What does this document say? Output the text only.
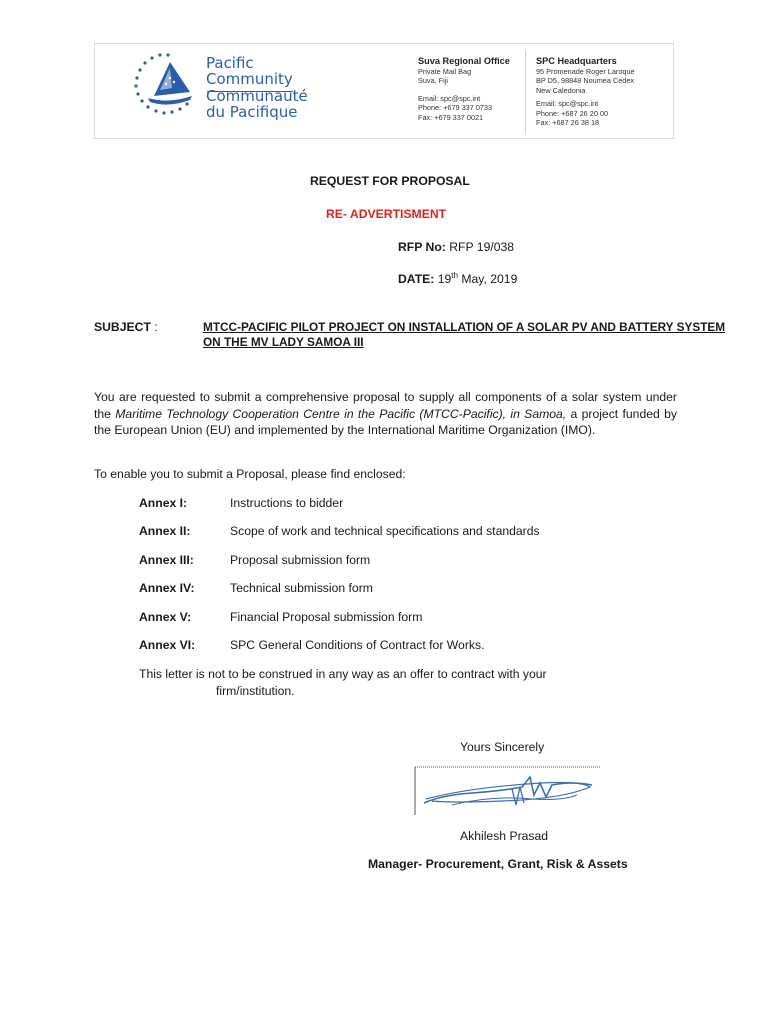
Pacific
Community
Communauté
du Pacifique
Suva Regional Office
Private Mail Bag
Suva, Fiji
Email: spc@spc.int
Phone: +679 337 0733
Fax: +679 337 0021
SPC Headquarters
95 Promenade Roger Laroque
BP D5, 98848 Noumea Cedex
New Caledonia
Email: spc@spc.int
Phone: +687 26 20 00
Fax: +687 26 38 18
REQUEST FOR PROPOSAL
RE- ADVERTISMENT
RFP No: RFP 19/038
DATE: 19th May, 2019
SUBJECT :	MTCC-PACIFIC PILOT PROJECT ON INSTALLATION OF A SOLAR PV AND BATTERY SYSTEM
ON THE MV LADY SAMOA III
You are requested to submit a comprehensive proposal to supply all components of a solar system under the Maritime Technology Cooperation Centre in the Pacific (MTCC-Pacific), in Samoa, a project funded by the European Union (EU) and implemented by the International Maritime Organization (IMO).
To enable you to submit a Proposal, please find enclosed:
Annex I:	Instructions to bidder
Annex II:	Scope of work and technical specifications and standards
Annex III:	Proposal submission form
Annex IV:	Technical submission form
Annex V:	Financial Proposal submission form
Annex VI:	SPC General Conditions of Contract for Works.
This letter is not to be construed in any way as an offer to contract with your
firm/institution.
Yours Sincerely
Akhilesh Prasad
Manager- Procurement, Grant, Risk & Assets
